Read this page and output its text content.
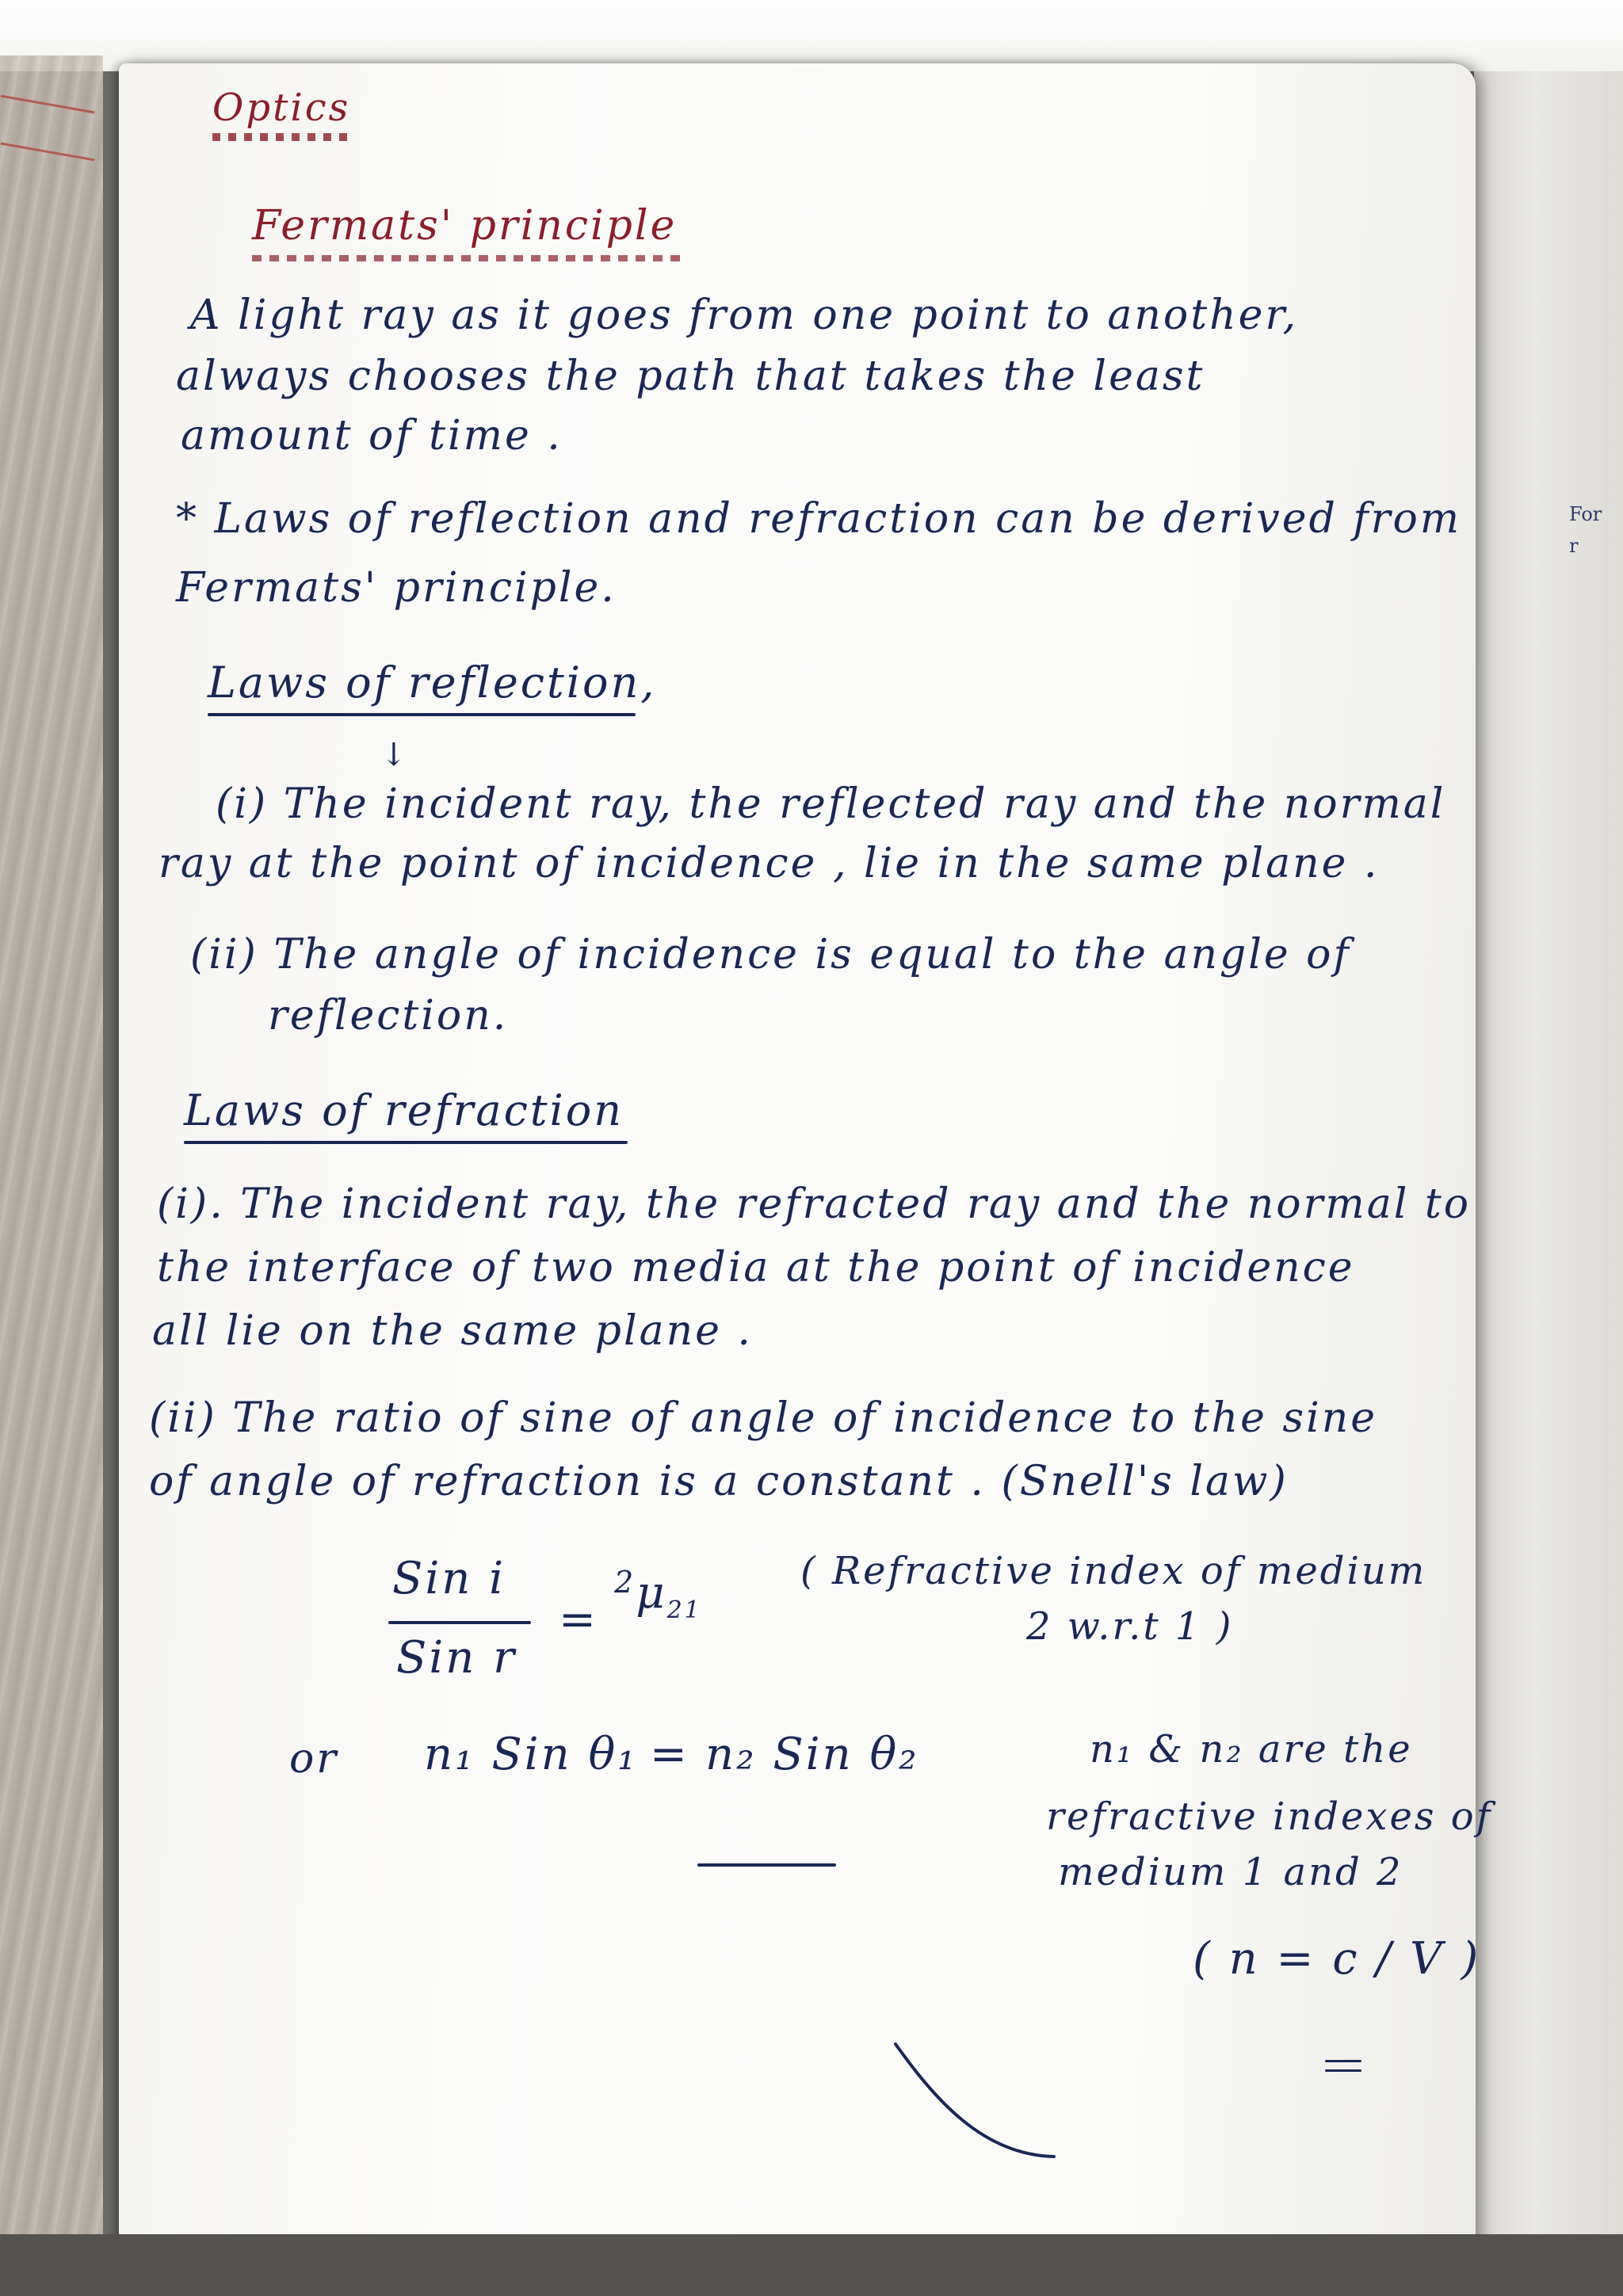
For
r
Optics
Fermats' principle
A light ray as it goes from one point to another,
always chooses the path that takes the least
amount of time .
* Laws of reflection and refraction can be derived from
Fermats' principle.
Laws of reflection,
↓
(i) The incident ray, the reflected ray and the normal
ray at the point of incidence , lie in the same plane .
(ii) The angle of incidence is equal to the angle of
reflection.
Laws of refraction
(i). The incident ray, the refracted ray and the normal to
the interface of two media at the point of incidence
all lie on the same plane .
(ii) The ratio of sine of angle of incidence to the sine
of angle of refraction is a constant . (Snell's law)
Sin i
Sin r
=
$^2\mu_{21}$
( Refractive index of medium
2 w.r.t 1 )
or n₁ Sin θ₁ = n₂ Sin θ₂	n₁ & n₂ are the
refractive indexes of
medium 1 and 2
( n = c / V )
